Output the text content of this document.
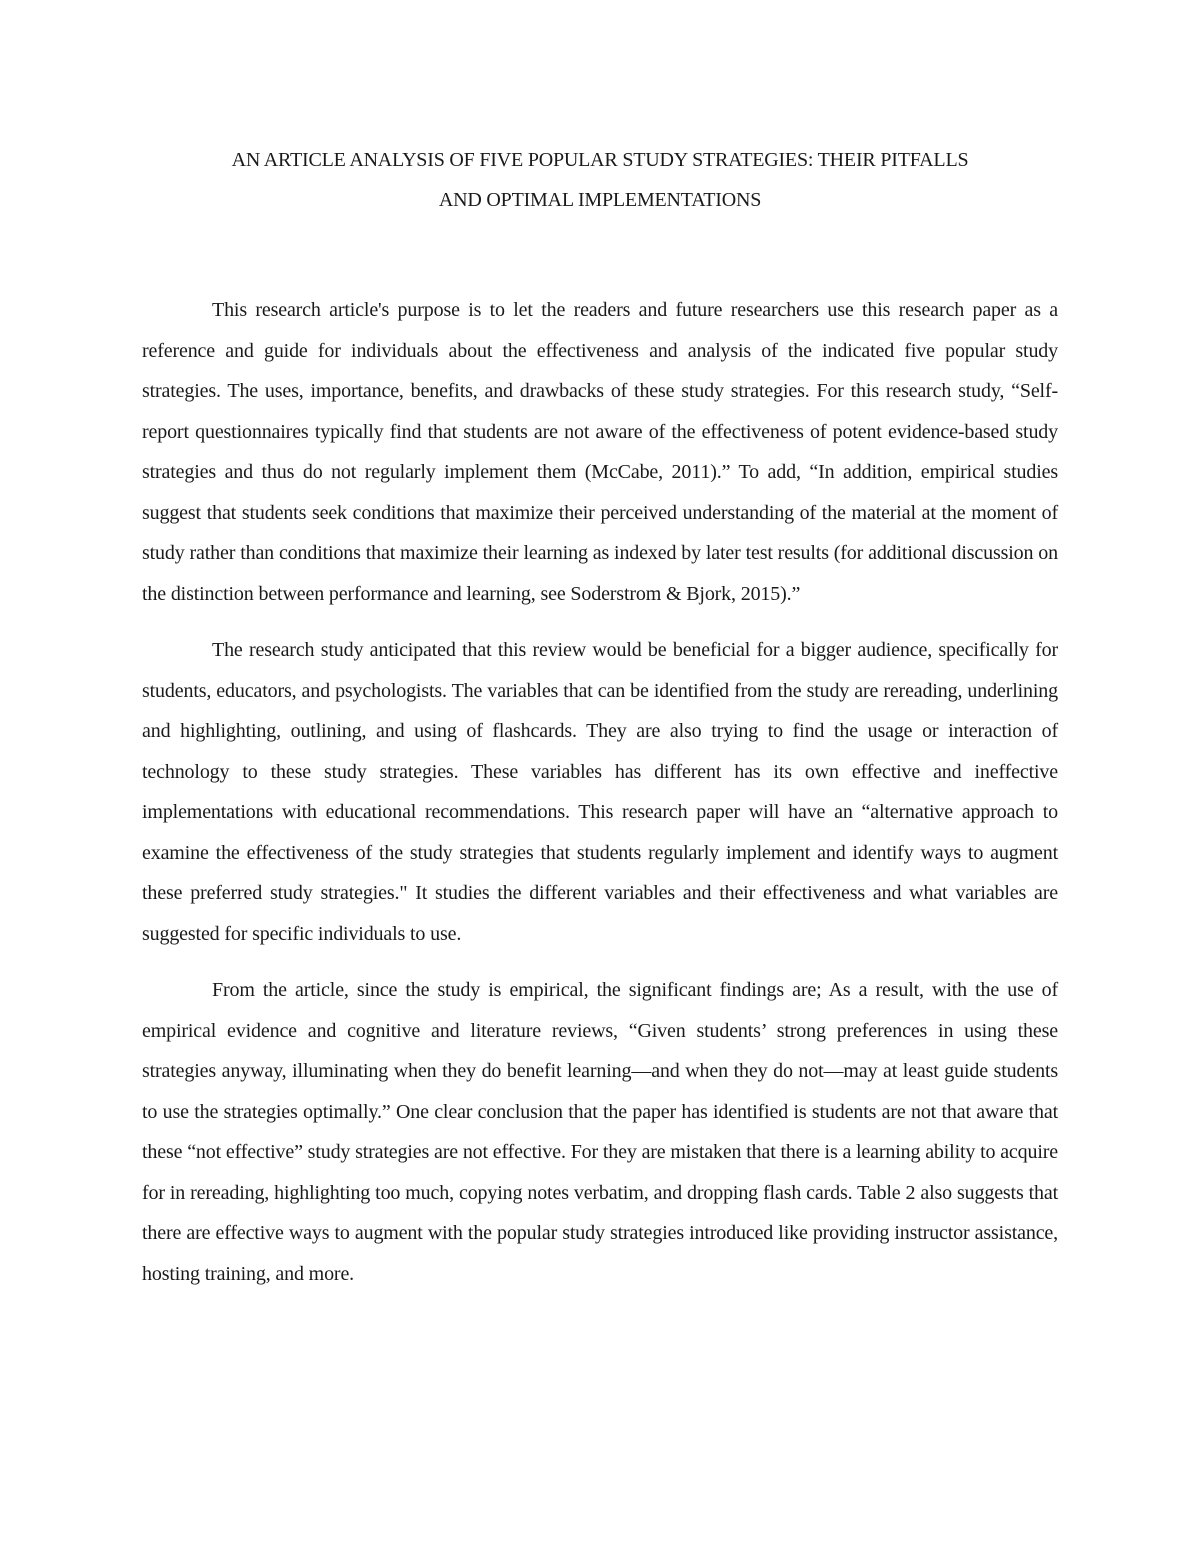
AN ARTICLE ANALYSIS OF FIVE POPULAR STUDY STRATEGIES: THEIR PITFALLS
AND OPTIMAL IMPLEMENTATIONS

This research article's purpose is to let the readers and future researchers use this research paper as a reference and guide for individuals about the effectiveness and analysis of the indicated five popular study strategies. The uses, importance, benefits, and drawbacks of these study strategies. For this research study, “Self-report questionnaires typically find that students are not aware of the effectiveness of potent evidence-based study strategies and thus do not regularly implement them (McCabe, 2011).” To add, “In addition, empirical studies suggest that students seek conditions that maximize their perceived understanding of the material at the moment of study rather than conditions that maximize their learning as indexed by later test results (for additional discussion on the distinction between performance and learning, see Soderstrom & Bjork, 2015).”

The research study anticipated that this review would be beneficial for a bigger audience, specifically for students, educators, and psychologists. The variables that can be identified from the study are rereading, underlining and highlighting, outlining, and using of flashcards. They are also trying to find the usage or interaction of technology to these study strategies. These variables has different has its own effective and ineffective implementations with educational recommendations. This research paper will have an “alternative approach to examine the effectiveness of the study strategies that students regularly implement and identify ways to augment these preferred study strategies." It studies the different variables and their effectiveness and what variables are suggested for specific individuals to use.

From the article, since the study is empirical, the significant findings are; As a result, with the use of empirical evidence and cognitive and literature reviews, “Given students’ strong preferences in using these strategies anyway, illuminating when they do benefit learning—and when they do not—may at least guide students to use the strategies optimally.” One clear conclusion that the paper has identified is students are not that aware that these “not effective” study strategies are not effective. For they are mistaken that there is a learning ability to acquire for in rereading, highlighting too much, copying notes verbatim, and dropping flash cards. Table 2 also suggests that there are effective ways to augment with the popular study strategies introduced like providing instructor assistance, hosting training, and more.
